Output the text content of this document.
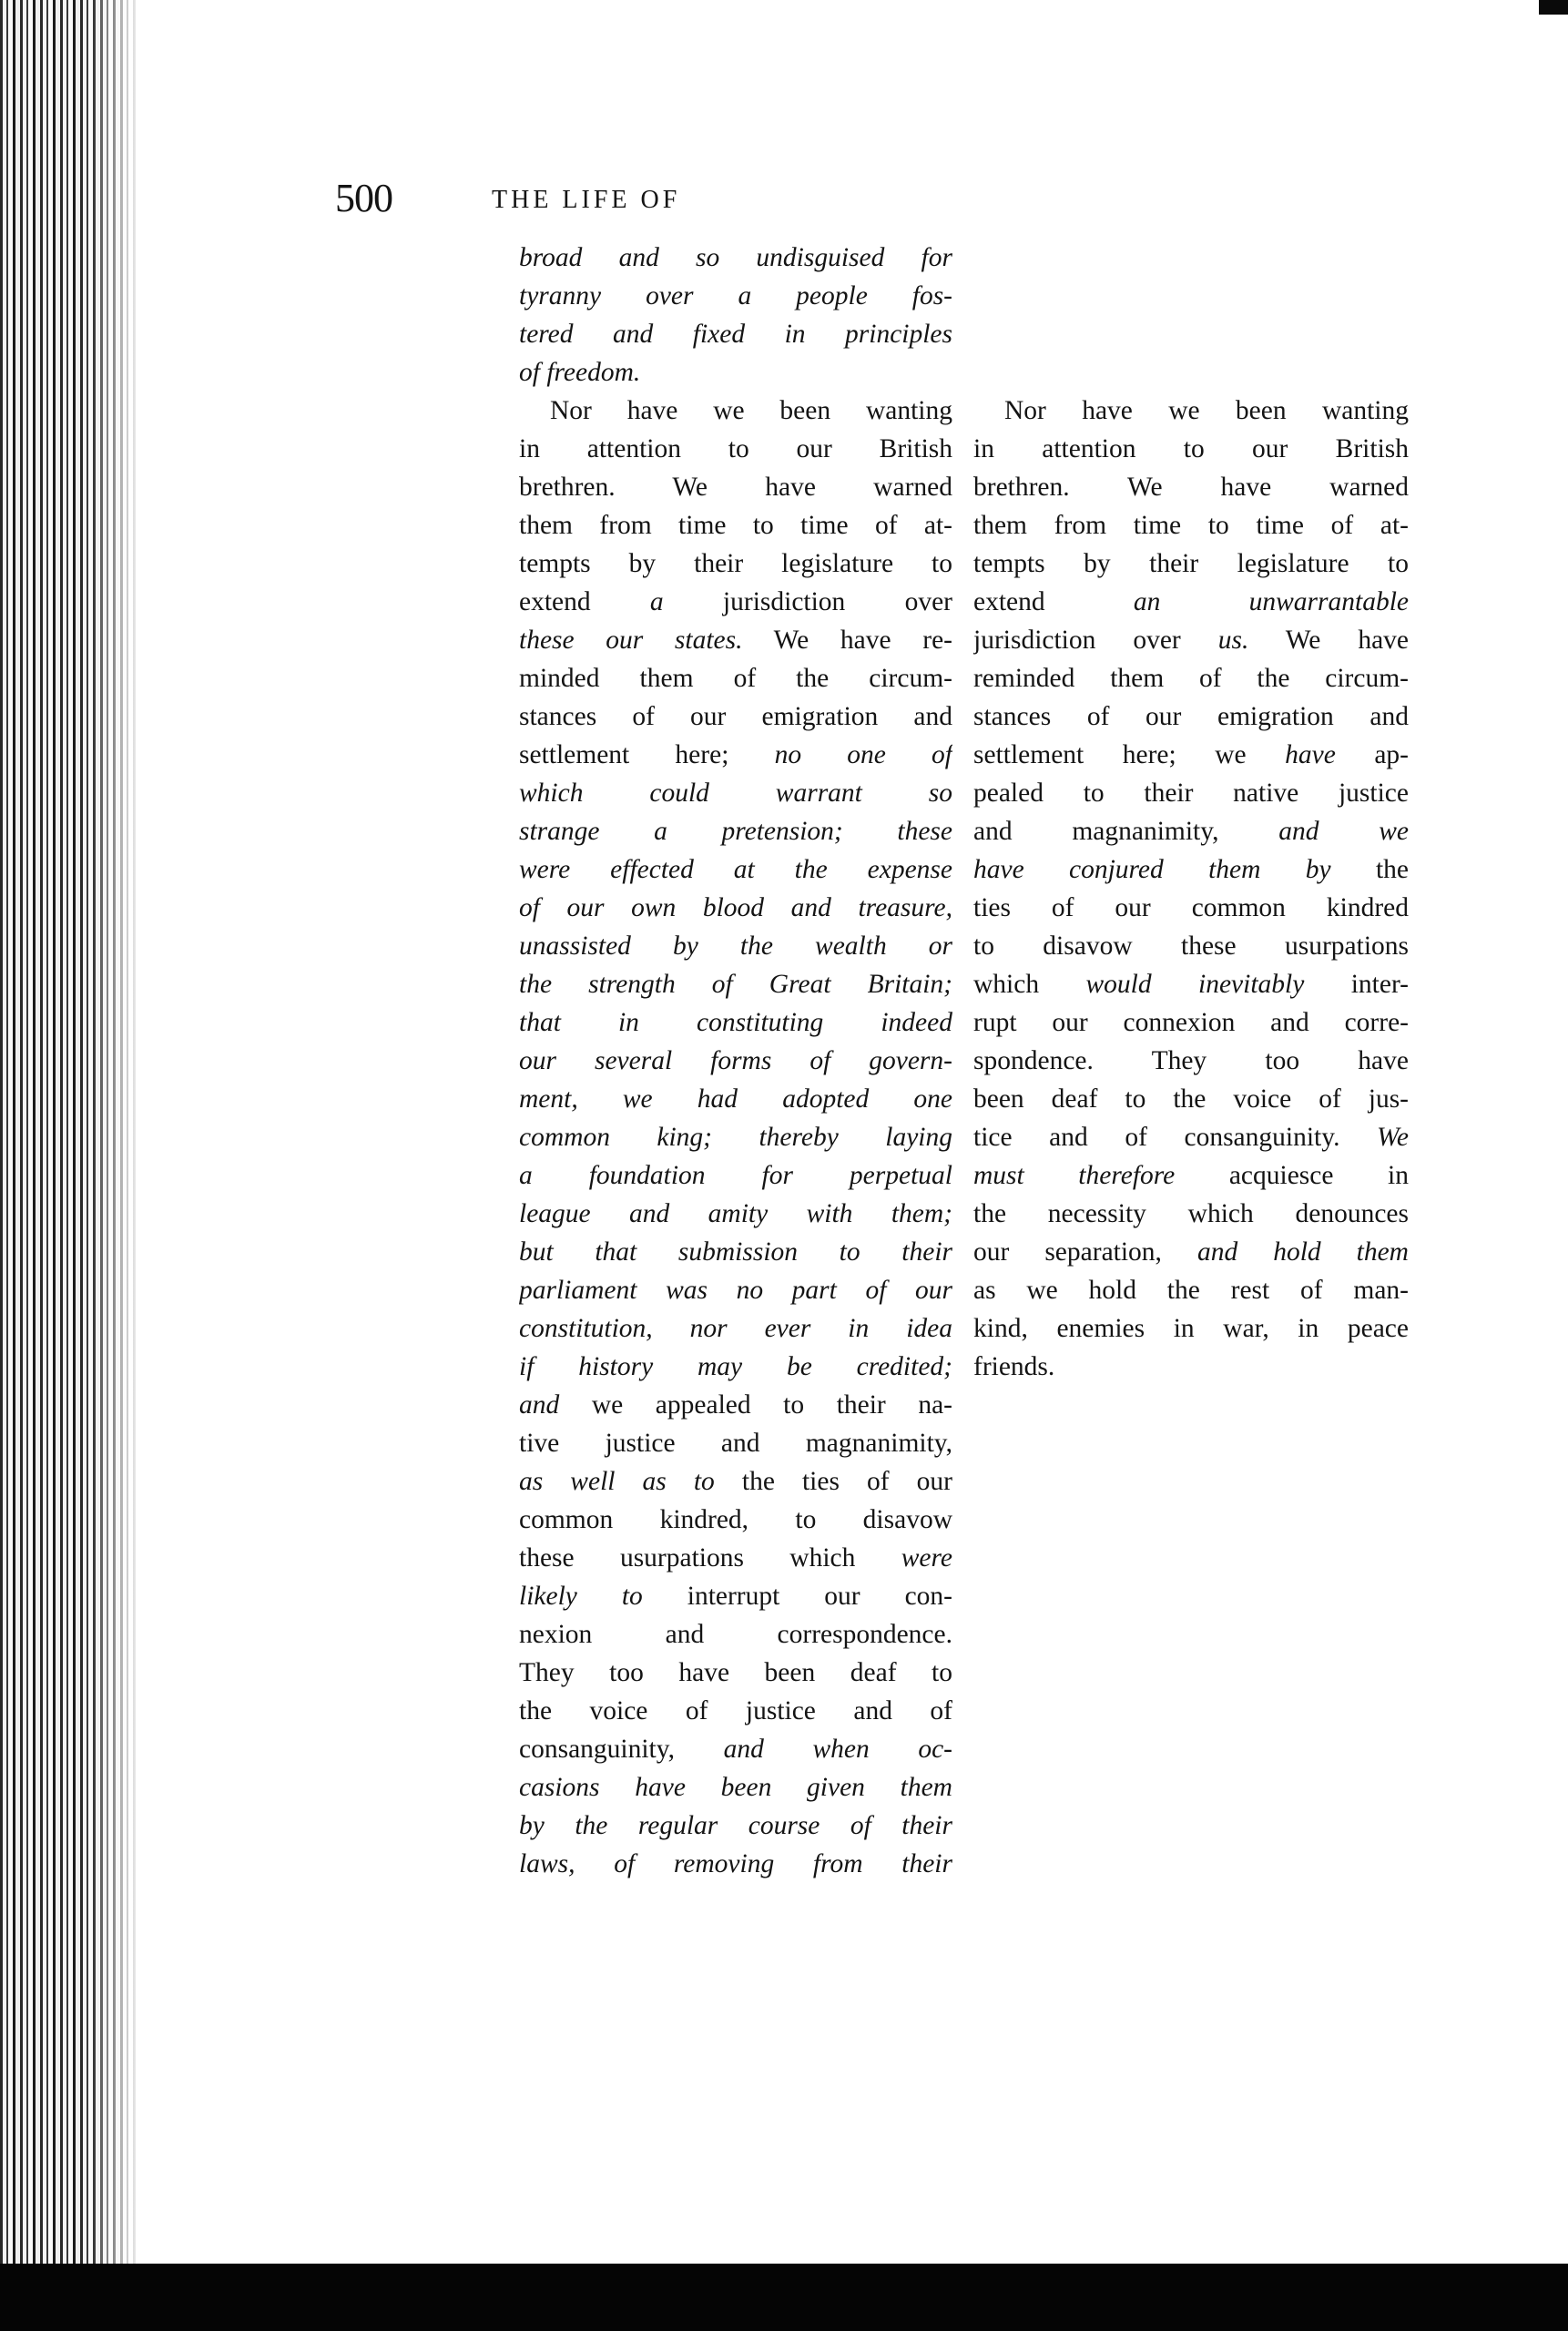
500	THE LIFE OF
broad and so undisguised for
tyranny over a people fos-
tered and fixed in principles
of freedom.
Nor have we been wanting
in attention to our British
brethren. We have warned
them from time to time of at-
tempts by their legislature to
extend a jurisdiction over
these our states. We have re-
minded them of the circum-
stances of our emigration and
settlement here; no one of
which could warrant so
strange a pretension; these
were effected at the expense
of our own blood and treasure,
unassisted by the wealth or
the strength of Great Britain;
that in constituting indeed
our several forms of govern-
ment, we had adopted one
common king; thereby laying
a foundation for perpetual
league and amity with them;
but that submission to their
parliament was no part of our
constitution, nor ever in idea
if history may be credited;
and we appealed to their na-
tive justice and magnanimity,
as well as to the ties of our
common kindred, to disavow
these usurpations which were
likely to interrupt our con-
nexion and correspondence.
They too have been deaf to
the voice of justice and of
consanguinity, and when oc-
casions have been given them
by the regular course of their
laws, of removing from their

Nor have we been wanting
in attention to our British
brethren. We have warned
them from time to time of at-
tempts by their legislature to
extend an unwarrantable
jurisdiction over us. We have
reminded them of the circum-
stances of our emigration and
settlement here; we have ap-
pealed to their native justice
and magnanimity, and we
have conjured them by the
ties of our common kindred
to disavow these usurpations
which would inevitably inter-
rupt our connexion and corre-
spondence. They too have
been deaf to the voice of jus-
tice and of consanguinity. We
must therefore acquiesce in
the necessity which denounces
our separation, and hold them
as we hold the rest of man-
kind, enemies in war, in peace
friends.
